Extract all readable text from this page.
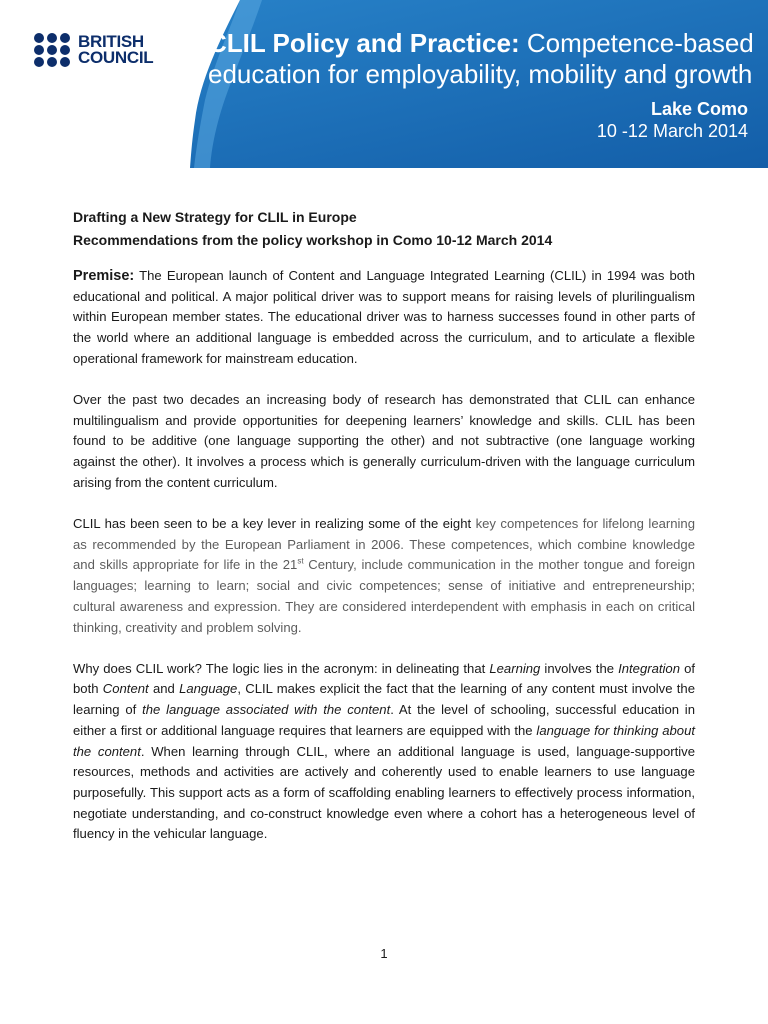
BRITISH
COUNCIL CLIL Policy and Practice: Competence-based
education for employability, mobility and growth
Lake Como
10 -12 March 2014
Drafting a New Strategy for CLIL in Europe
Recommendations from the policy workshop in Como 10-12 March 2014

Premise: The European launch of Content and Language Integrated Learning (CLIL) in 1994 was both educational and political. A major political driver was to support means for raising levels of plurilingualism within European member states. The educational driver was to harness successes found in other parts of the world where an additional language is embedded across the curriculum, and to articulate a flexible operational framework for mainstream education.

Over the past two decades an increasing body of research has demonstrated that CLIL can enhance multilingualism and provide opportunities for deepening learners’ knowledge and skills. CLIL has been found to be additive (one language supporting the other) and not subtractive (one language working against the other). It involves a process which is generally curriculum-driven with the language curriculum arising from the content curriculum.

CLIL has been seen to be a key lever in realizing some of the eight key competences for lifelong learning as recommended by the European Parliament in 2006. These competences, which combine knowledge and skills appropriate for life in the 21st Century, include communication in the mother tongue and foreign languages; learning to learn; social and civic competences; sense of initiative and entrepreneurship; cultural awareness and expression. They are considered interdependent with emphasis in each on critical thinking, creativity and problem solving.

Why does CLIL work? The logic lies in the acronym: in delineating that Learning involves the Integration of both Content and Language, CLIL makes explicit the fact that the learning of any content must involve the learning of the language associated with the content. At the level of schooling, successful education in either a first or additional language requires that learners are equipped with the language for thinking about the content. When learning through CLIL, where an additional language is used, language-supportive resources, methods and activities are actively and coherently used to enable learners to use language purposefully. This support acts as a form of scaffolding enabling learners to effectively process information, negotiate understanding, and co-construct knowledge even where a cohort has a heterogeneous level of fluency in the vehicular language.

1
